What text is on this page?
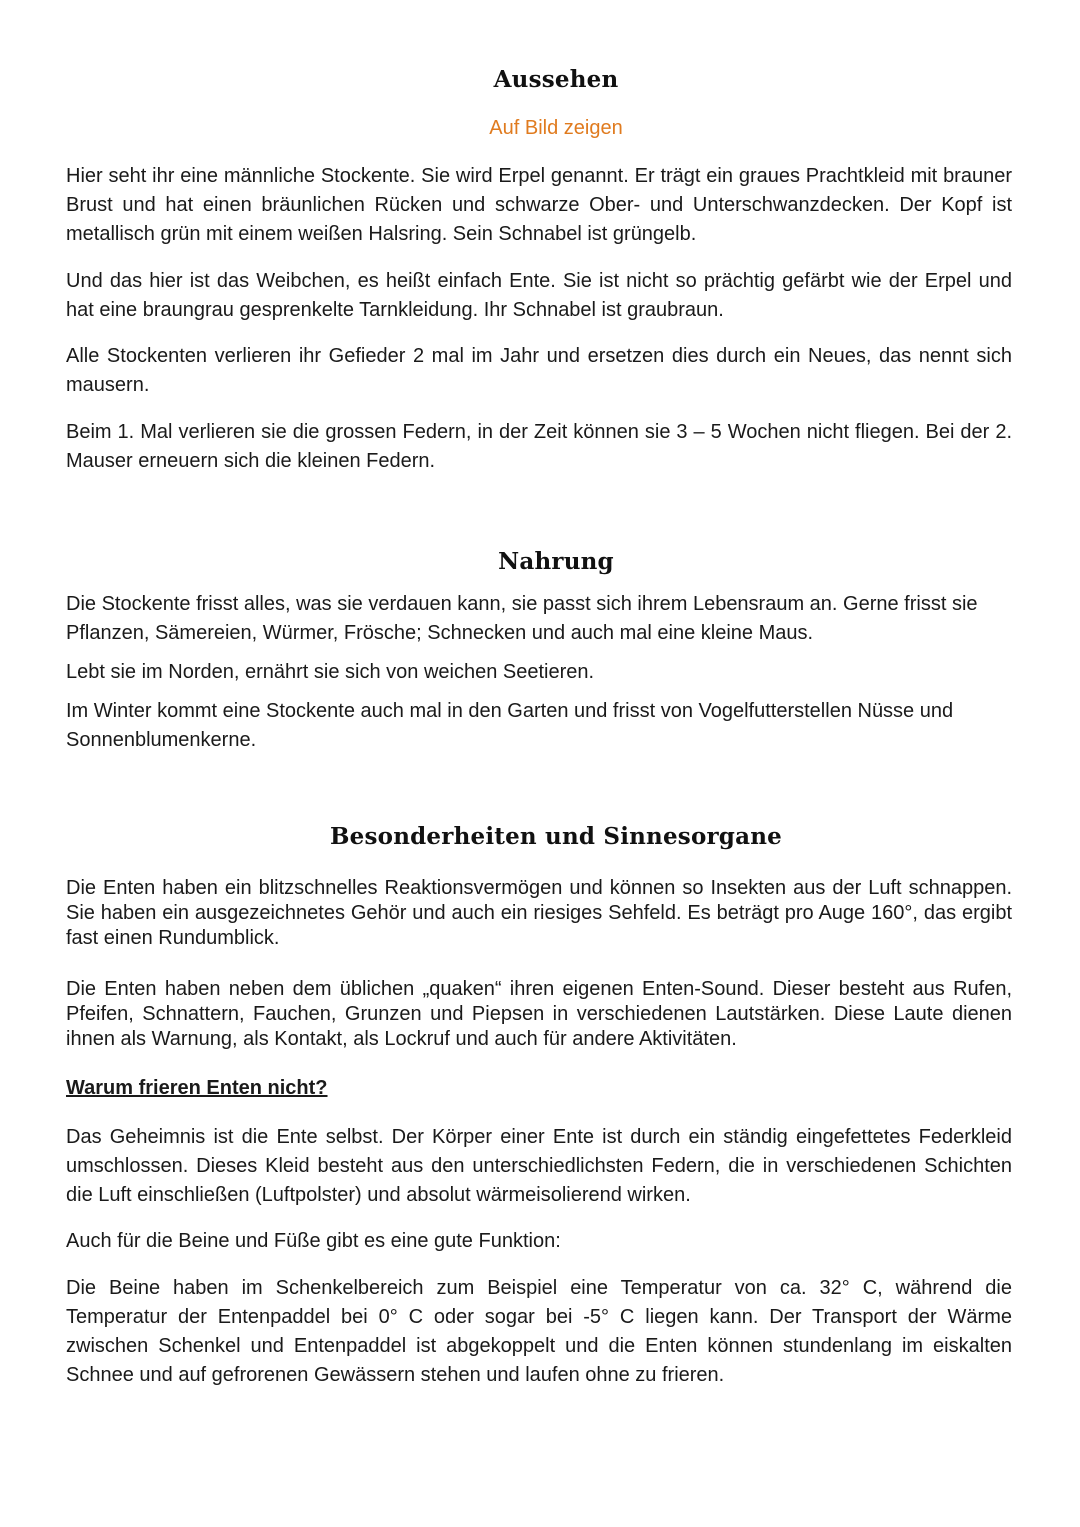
Aussehen
Auf Bild zeigen

Hier seht ihr eine männliche Stockente. Sie wird Erpel genannt. Er trägt ein graues Prachtkleid mit brauner Brust und hat einen bräunlichen Rücken und schwarze Ober- und Unterschwanzdecken. Der Kopf ist metallisch grün mit einem weißen Halsring. Sein Schnabel ist grüngelb.

Und das hier ist das Weibchen, es heißt einfach Ente. Sie ist nicht so prächtig gefärbt wie der Erpel und hat eine braungrau gesprenkelte Tarnkleidung. Ihr Schnabel ist graubraun.

Alle Stockenten verlieren ihr Gefieder 2 mal im Jahr und ersetzen dies durch ein Neues, das nennt sich mausern.

Beim 1. Mal verlieren sie die grossen Federn, in der Zeit können sie 3 – 5 Wochen nicht fliegen. Bei der 2. Mauser erneuern sich die kleinen Federn.

Nahrung

Die Stockente frisst alles, was sie verdauen kann, sie passt sich ihrem Lebensraum an. Gerne frisst sie Pflanzen, Sämereien, Würmer, Frösche; Schnecken und auch mal eine kleine Maus.

Lebt sie im Norden, ernährt sie sich von weichen Seetieren.

Im Winter kommt eine Stockente auch mal in den Garten und frisst von Vogelfutterstellen Nüsse und Sonnenblumenkerne.

Besonderheiten und Sinnesorgane

Die Enten haben ein blitzschnelles Reaktionsvermögen und können so Insekten aus der Luft schnappen. Sie haben ein ausgezeichnetes Gehör und auch ein riesiges Sehfeld. Es beträgt pro Auge 160°, das ergibt fast einen Rundumblick.

Die Enten haben neben dem üblichen „quaken“ ihren eigenen Enten-Sound. Dieser besteht aus Rufen, Pfeifen, Schnattern, Fauchen, Grunzen und Piepsen in verschiedenen Lautstärken. Diese Laute dienen ihnen als Warnung, als Kontakt, als Lockruf und auch für andere Aktivitäten.

Warum frieren Enten nicht?

Das Geheimnis ist die Ente selbst. Der Körper einer Ente ist durch ein ständig eingefettetes Federkleid umschlossen. Dieses Kleid besteht aus den unterschiedlichsten Federn, die in verschiedenen Schichten die Luft einschließen (Luftpolster) und absolut wärmeisolierend wirken.

Auch für die Beine und Füße gibt es eine gute Funktion:

Die Beine haben im Schenkelbereich zum Beispiel eine Temperatur von ca. 32° C, während die Temperatur der Entenpaddel bei 0° C oder sogar bei -5° C liegen kann. Der Transport der Wärme zwischen Schenkel und Entenpaddel ist abgekoppelt und die Enten können stundenlang im eiskalten Schnee und auf gefrorenen Gewässern stehen und laufen ohne zu frieren.
